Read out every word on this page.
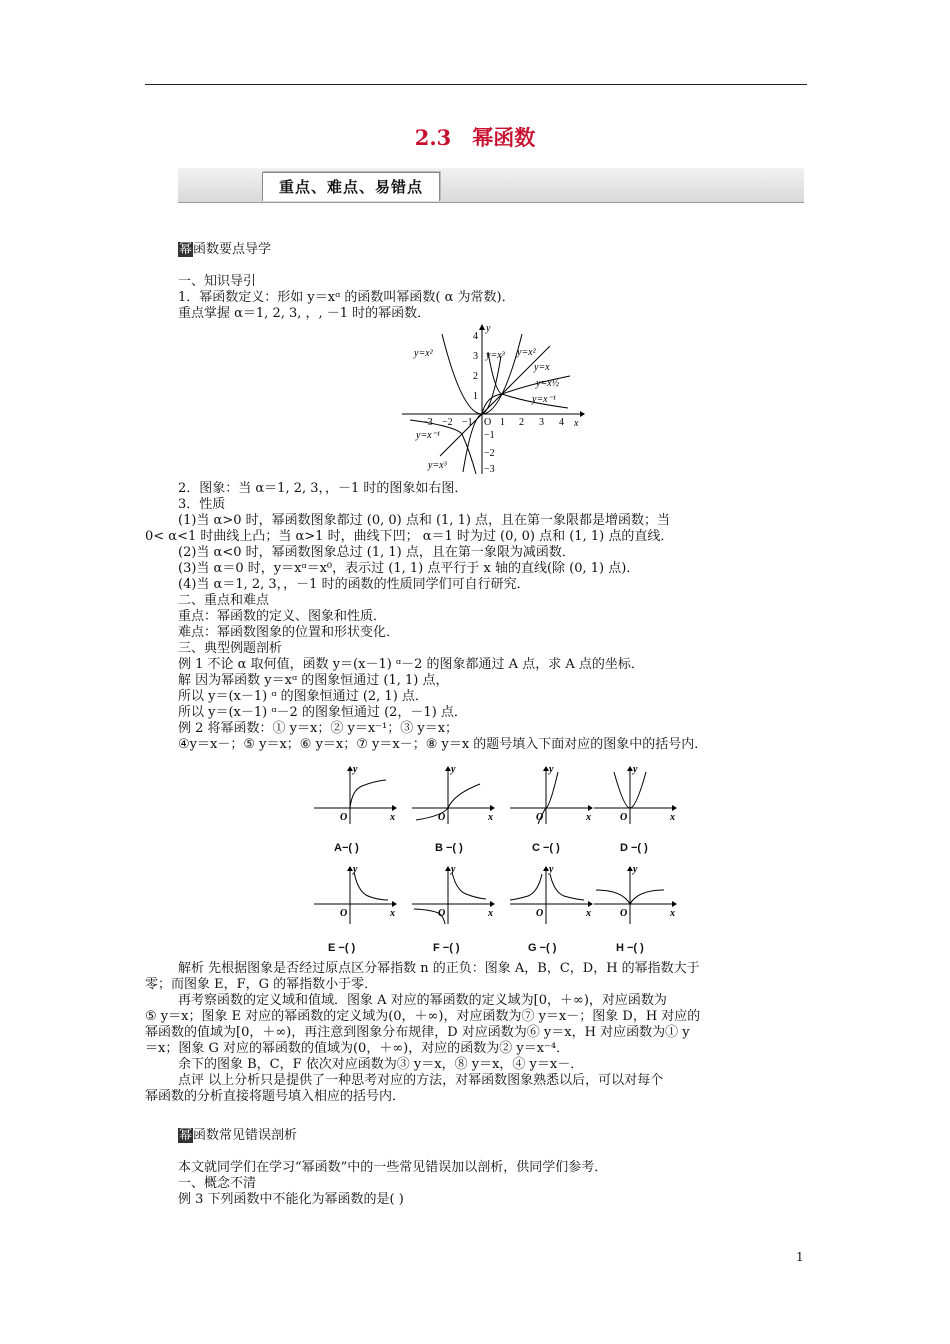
2.3　幂函数
重点、难点、易错点
幂函数要点导学
一、知识导引
1．幂函数定义：形如 y＝xᵅ 的函数叫幂函数( α 为常数)．
重点掌握 α＝1, 2, 3, ，, －1 时的幂函数．
y=x²	y=x³ y=x²
y=x
y=x½
y=x⁻¹
y=x⁻¹
y=x³
−3 −2 −1 O 1 2 3 4
4
3
2
1
−1
−2
−3
x
y
2．图象：当 α＝1, 2, 3，，－1 时的图象如右图．
3．性质
(1)当 α>0 时，幂函数图象都过 (0, 0) 点和 (1, 1) 点，且在第一象限都是增函数；当
0< α<1 时曲线上凸；当 α>1 时，曲线下凹； α＝1 时为过 (0, 0) 点和 (1, 1) 点的直线．
(2)当 α<0 时，幂函数图象总过 (1, 1) 点，且在第一象限为减函数．
(3)当 α＝0 时，y＝xᵅ＝x⁰，表示过 (1, 1) 点平行于 x 轴的直线(除 (0, 1) 点)．
(4)当 α＝1, 2, 3，，－1 时的函数的性质同学们可自行研究．
二、重点和难点
重点：幂函数的定义、图象和性质．
难点：幂函数图象的位置和形状变化．
三、典型例题剖析
例 1 不论 α 取何值，函数 y＝(x－1) ᵅ－2 的图象都通过 A 点，求 A 点的坐标．
解 因为幂函数 y＝xᵅ 的图象恒通过 (1, 1) 点，
所以 y＝(x－1) ᵅ 的图象恒通过 (2, 1) 点．
所以 y＝(x－1) ᵅ－2 的图象恒通过 (2，－1) 点．
例 2 将幂函数：① y＝x；② y＝x⁻¹；③ y＝x；
④y＝x－；⑤ y＝x；⑥ y＝x；⑦ y＝x－；⑧ y＝x 的题号填入下面对应的图象中的括号内．
O	x
y
O	x
y
O	x
y
O	x
y
A−( )	B −( )	C −( )	D −( )
O	x
y
O	x
y
O	x
y
O	x
y
E −( )	F −( )	G −( )	H −( )
解析 先根据图象是否经过原点区分幂指数 n 的正负：图象 A，B，C，D，H 的幂指数大于
零；而图象 E，F，G 的幂指数小于零．
再考察函数的定义域和值域．图象 A 对应的幂函数的定义域为[0，＋∞)，对应函数为
⑤ y＝x；图象 E 对应的幂函数的定义域为(0，＋∞)，对应函数为⑦ y＝x－；图象 D，H 对应的
幂函数的值域为[0，＋∞)，再注意到图象分布规律，D 对应函数为⑥ y＝x，H 对应函数为① y
＝x；图象 G 对应的幂函数的值域为(0，＋∞)，对应的函数为② y＝x⁻⁴．
余下的图象 B，C，F 依次对应函数为③ y＝x，⑧ y＝x，④ y＝x－．
点评 以上分析只是提供了一种思考对应的方法，对幂函数图象熟悉以后，可以对每个
幂函数的分析直接将题号填入相应的括号内．
幂函数常见错误剖析
本文就同学们在学习“幂函数”中的一些常见错误加以剖析，供同学们参考．
一、概念不清
例 3 下列函数中不能化为幂函数的是( )
1
